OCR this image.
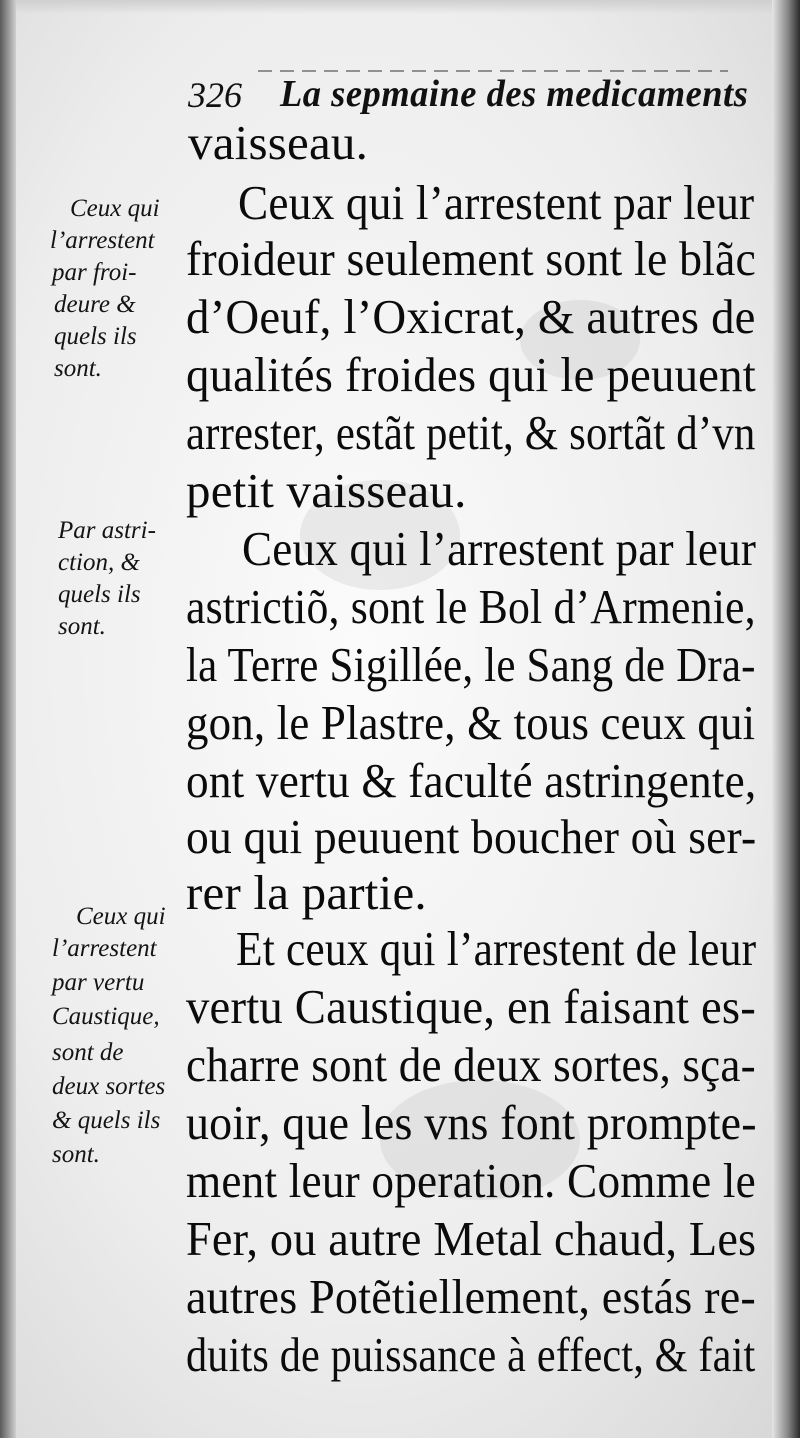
326 La sepmaine des medicaments
vaisseau.
Ceux qui l’arrestent par leur
froideur seulement sont le blãc
d’Oeuf, l’Oxicrat, & autres de
qualités froides qui le peuuent
arrester, estãt petit, & sortãt d’vn
petit vaisseau.
Ceux qui l’arrestent par leur
astrictiõ, sont le Bol d’Armenie,
la Terre Sigillée, le Sang de Dra-
gon, le Plastre, & tous ceux qui
ont vertu & faculté astringente,
ou qui peuuent boucher où ser-
rer la partie.
Et ceux qui l’arrestent de leur
vertu Caustique, en faisant es-
charre sont de deux sortes, sça-
uoir, que les vns font prompte-
ment leur operation. Comme le
Fer, ou autre Metal chaud, Les
autres Potẽtiellement, estás re-
duits de puissance à effect, & fait
Ceux qui
l’arrestent
par froi-
deure &
quels ils
sont.
Par astri-
ction, &
quels ils
sont.
Ceux qui
l’arrestent
par vertu
Caustique,
sont de
deux sortes
& quels ils
sont.
